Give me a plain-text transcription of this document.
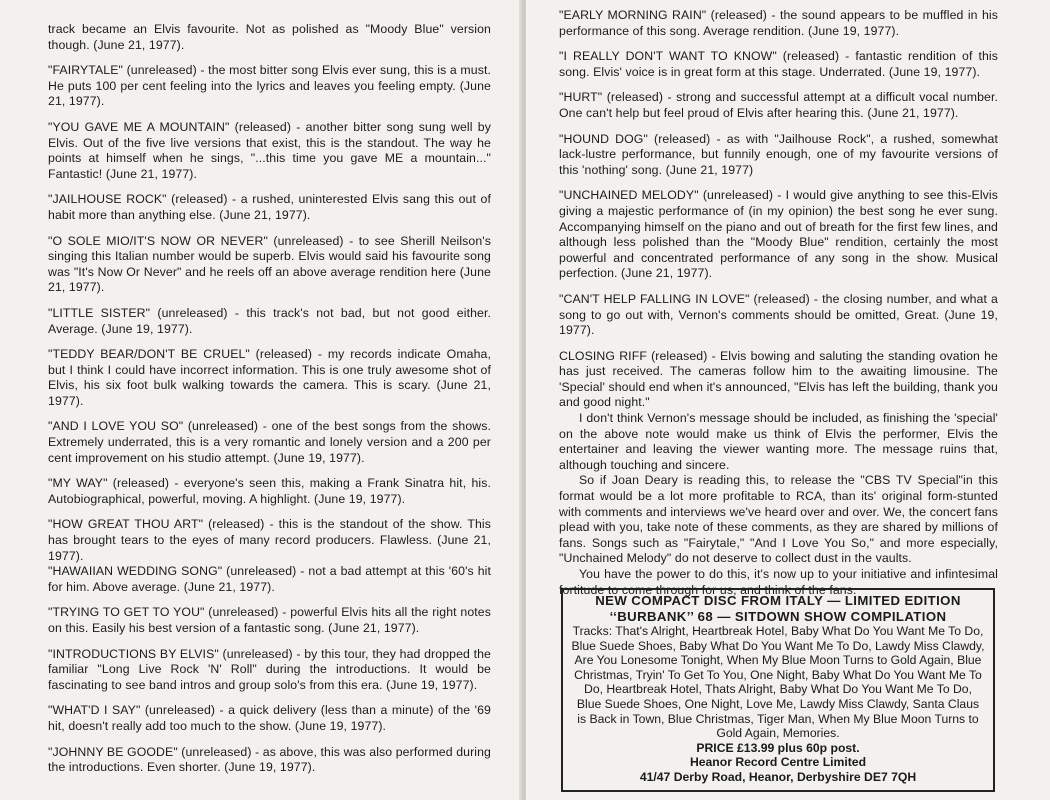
track became an Elvis favourite. Not as polished as "Moody Blue" version though. (June 21, 1977).

"FAIRYTALE" (unreleased) - the most bitter song Elvis ever sung, this is a must. He puts 100 per cent feeling into the lyrics and leaves you feeling empty. (June 21, 1977).

"YOU GAVE ME A MOUNTAIN" (released) - another bitter song sung well by Elvis. Out of the five live versions that exist, this is the standout. The way he points at himself when he sings, "...this time you gave ME a mountain..." Fantastic! (June 21, 1977).

"JAILHOUSE ROCK" (released) - a rushed, uninterested Elvis sang this out of habit more than anything else. (June 21, 1977).

"O SOLE MIO/IT'S NOW OR NEVER" (unreleased) - to see Sherill Neilson's singing this Italian number would be superb. Elvis would said his favourite song was "It's Now Or Never" and he reels off an above average rendition here (June 21, 1977).

"LITTLE SISTER" (unreleased) - this track's not bad, but not good either. Average. (June 19, 1977).

"TEDDY BEAR/DON'T BE CRUEL" (released) - my records indicate Omaha, but I think I could have incorrect information. This is one truly awesome shot of Elvis, his six foot bulk walking towards the camera. This is scary. (June 21, 1977).

"AND I LOVE YOU SO" (unreleased) - one of the best songs from the shows. Extremely underrated, this is a very romantic and lonely version and a 200 per cent improvement on his studio attempt. (June 19, 1977).

"MY WAY" (released) - everyone's seen this, making a Frank Sinatra hit, his. Autobiographical, powerful, moving. A highlight. (June 19, 1977).

"HOW GREAT THOU ART" (released) - this is the standout of the show. This has brought tears to the eyes of many record producers. Flawless. (June 21, 1977).

"HAWAIIAN WEDDING SONG" (unreleased) - not a bad attempt at this '60's hit for him. Above average. (June 21, 1977).

"TRYING TO GET TO YOU" (unreleased) - powerful Elvis hits all the right notes on this. Easily his best version of a fantastic song. (June 21, 1977).

"INTRODUCTIONS BY ELVIS" (unreleased) - by this tour, they had dropped the familiar "Long Live Rock 'N' Roll" during the introductions. It would be fascinating to see band intros and group solo's from this era. (June 19, 1977).

"WHAT'D I SAY" (unreleased) - a quick delivery (less than a minute) of the '69 hit, doesn't really add too much to the show. (June 19, 1977).

"JOHNNY BE GOODE" (unreleased) - as above, this was also performed during the introductions. Even shorter. (June 19, 1977).

"EARLY MORNING RAIN" (released) - the sound appears to be muffled in his performance of this song. Average rendition. (June 19, 1977).

"I REALLY DON'T WANT TO KNOW" (released) - fantastic rendition of this song. Elvis' voice is in great form at this stage. Underrated. (June 19, 1977).

"HURT" (released) - strong and successful attempt at a difficult vocal number. One can't help but feel proud of Elvis after hearing this. (June 21, 1977).

"HOUND DOG" (released) - as with "Jailhouse Rock", a rushed, somewhat lack-lustre performance, but funnily enough, one of my favourite versions of this 'nothing' song. (June 21, 1977)

"UNCHAINED MELODY" (unreleased) - I would give anything to see this-Elvis giving a majestic performance of (in my opinion) the best song he ever sung. Accompanying himself on the piano and out of breath for the first few lines, and although less polished than the "Moody Blue" rendition, certainly the most powerful and concentrated performance of any song in the show. Musical perfection. (June 21, 1977).

"CAN'T HELP FALLING IN LOVE" (released) - the closing number, and what a song to go out with, Vernon's comments should be omitted, Great. (June 19, 1977).

CLOSING RIFF (released) - Elvis bowing and saluting the standing ovation he has just received. The cameras follow him to the awaiting limousine. The 'Special' should end when it's announced, "Elvis has left the building, thank you and good night."

I don't think Vernon's message should be included, as finishing the 'special' on the above note would make us think of Elvis the performer, Elvis the entertainer and leaving the viewer wanting more. The message ruins that, although touching and sincere.

So if Joan Deary is reading this, to release the "CBS TV Special"in this format would be a lot more profitable to RCA, than its' original form-stunted with comments and interviews we've heard over and over. We, the concert fans plead with you, take note of these comments, as they are shared by millions of fans. Songs such as "Fairytale," "And I Love You So," and more especially, "Unchained Melody" do not deserve to collect dust in the vaults.

You have the power to do this, it's now up to your initiative and infintesimal fortitude to come through for us, and think of the fans.

NEW COMPACT DISC FROM ITALY — LIMITED EDITION
‘‘BURBANK’’ 68 — SITDOWN SHOW COMPILATION
Tracks: That's Alright, Heartbreak Hotel, Baby What Do You Want Me To Do, Blue Suede Shoes, Baby What Do You Want Me To Do, Lawdy Miss Clawdy, Are You Lonesome Tonight, When My Blue Moon Turns to Gold Again, Blue Christmas, Tryin' To Get To You, One Night, Baby What Do You Want Me To Do, Heartbreak Hotel, Thats Alright, Baby What Do You Want Me To Do, Blue Suede Shoes, One Night, Love Me, Lawdy Miss Clawdy, Santa Claus is Back in Town, Blue Christmas, Tiger Man, When My Blue Moon Turns to Gold Again, Memories.
PRICE £13.99 plus 60p post.
Heanor Record Centre Limited
41/47 Derby Road, Heanor, Derbyshire DE7 7QH
